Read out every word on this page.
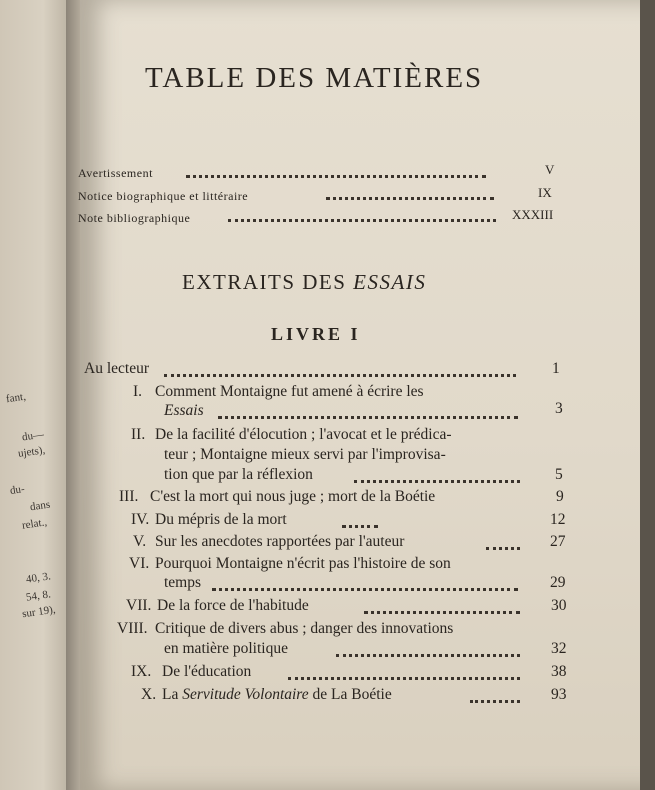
fant,
du—
ujets),
du-
dans
relat.,
40, 3.
54, 8.
sur 19),
TABLE DES MATIÈRES
Avertissement	V
Notice biographique et littéraire	IX
Note bibliographique	XXXIII
EXTRAITS DES ESSAIS
LIVRE I
Au lecteur	1
I. Comment Montaigne fut amené à écrire les
Essais	3
II. De la facilité d'élocution ; l'avocat et le prédica-
teur ; Montaigne mieux servi par l'improvisa-
tion que par la réflexion	5
III. C'est la mort qui nous juge ; mort de la Boétie	9
IV. Du mépris de la mort	12
V. Sur les anecdotes rapportées par l'auteur	27
VI. Pourquoi Montaigne n'écrit pas l'histoire de son
temps	29
VII. De la force de l'habitude	30
VIII. Critique de divers abus ; danger des innovations
en matière politique	32
IX. De l'éducation	38
X. La Servitude Volontaire de La Boétie	93
